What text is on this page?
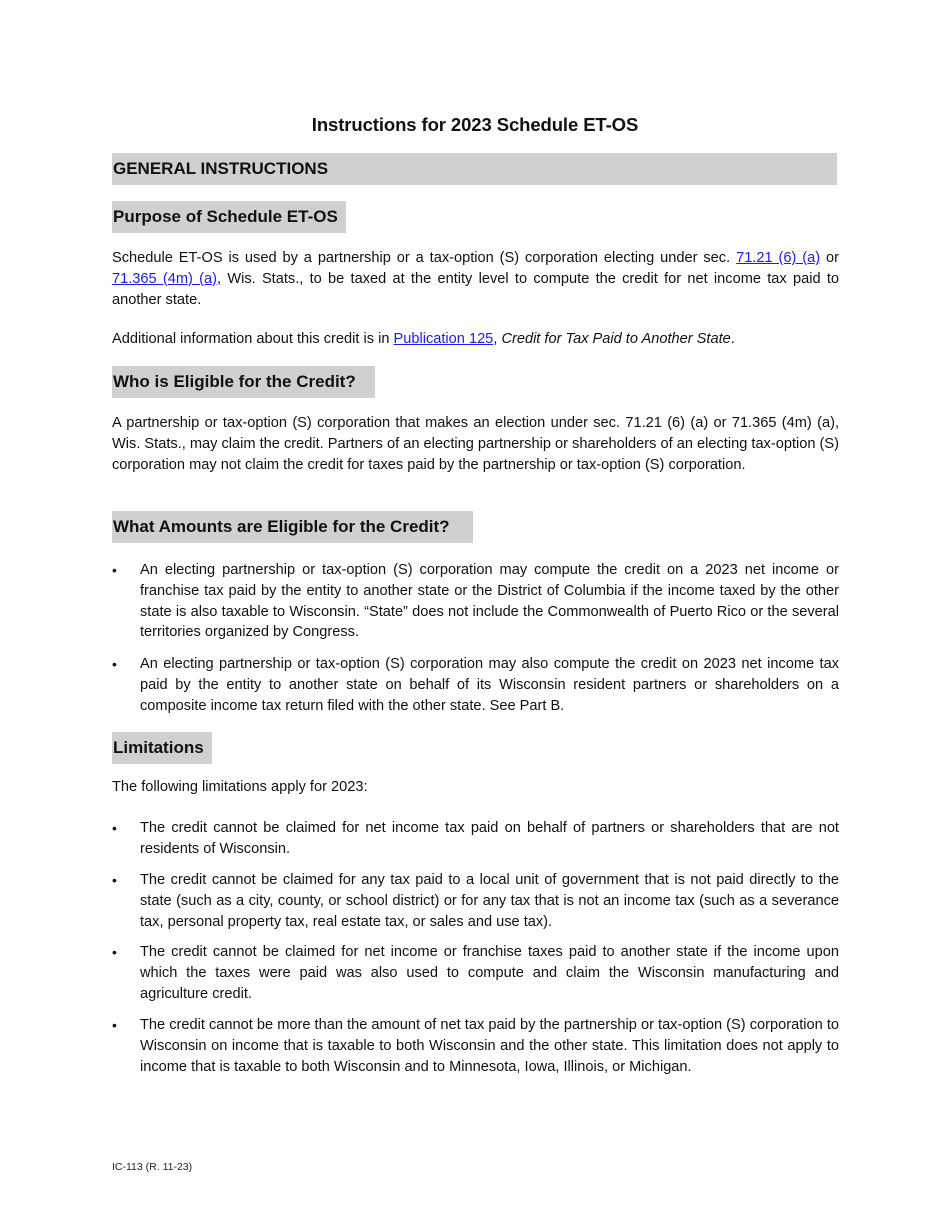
Instructions for 2023 Schedule ET-OS
GENERAL INSTRUCTIONS
Purpose of Schedule ET-OS

Schedule ET-OS is used by a partnership or a tax-option (S) corporation electing under sec. 71.21 (6) (a) or 71.365 (4m) (a), Wis. Stats., to be taxed at the entity level to compute the credit for net income tax paid to another state.

Additional information about this credit is in Publication 125, Credit for Tax Paid to Another State.

Who is Eligible for the Credit?

A partnership or tax-option (S) corporation that makes an election under sec. 71.21 (6) (a) or 71.365 (4m) (a), Wis. Stats., may claim the credit. Partners of an electing partnership or shareholders of an electing tax-option (S) corporation may not claim the credit for taxes paid by the partnership or tax-option (S) corporation.

What Amounts are Eligible for the Credit?
•	An electing partnership or tax-option (S) corporation may compute the credit on a 2023 net income or franchise tax paid by the entity to another state or the District of Columbia if the income taxed by the other state is also taxable to Wisconsin. “State” does not include the Commonwealth of Puerto Rico or the several territories organized by Congress.
•	An electing partnership or tax-option (S) corporation may also compute the credit on 2023 net income tax paid by the entity to another state on behalf of its Wisconsin resident partners or shareholders on a composite income tax return filed with the other state. See Part B.
Limitations

The following limitations apply for 2023:

•	The credit cannot be claimed for net income tax paid on behalf of partners or shareholders that are not residents of Wisconsin.
•	The credit cannot be claimed for any tax paid to a local unit of government that is not paid directly to the state (such as a city, county, or school district) or for any tax that is not an income tax (such as a severance tax, personal property tax, real estate tax, or sales and use tax).
•	The credit cannot be claimed for net income or franchise taxes paid to another state if the income upon which the taxes were paid was also used to compute and claim the Wisconsin manufacturing and agriculture credit.
•	The credit cannot be more than the amount of net tax paid by the partnership or tax-option (S) corporation to Wisconsin on income that is taxable to both Wisconsin and the other state. This limitation does not apply to income that is taxable to both Wisconsin and to Minnesota, Iowa, Illinois, or Michigan.
IC-113 (R. 11-23)
